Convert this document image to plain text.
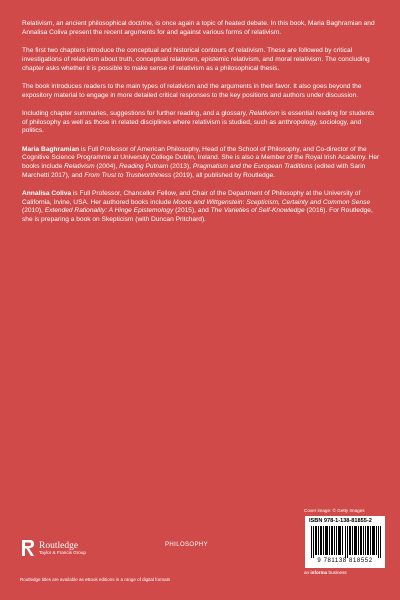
Relativism, an ancient philosophical doctrine, is once again a topic of heated debate. In this book, Maria Baghramian and Annalisa Coliva present the recent arguments for and against various forms of relativism.

The first two chapters introduce the conceptual and historical contours of relativism. These are followed by critical investigations of relativism about truth, conceptual relativism, epistemic relativism, and moral relativism. The concluding chapter asks whether it is possible to make sense of relativism as a philosophical thesis.

The book introduces readers to the main types of relativism and the arguments in their favor. It also goes beyond the expository material to engage in more detailed critical responses to the key positions and authors under discussion.

Including chapter summaries, suggestions for further reading, and a glossary, Relativism is essential reading for students of philosophy as well as those in related disciplines where relativism is studied, such as anthropology, sociology, and politics.

Maria Baghramian is Full Professor of American Philosophy, Head of the School of Philosophy, and Co-director of the Cognitive Science Programme at University College Dublin, Ireland. She is also a Member of the Royal Irish Academy. Her books include Relativism (2004), Reading Putnam (2013), Pragmatism and the European Traditions (edited with Sarin Marchetti 2017), and From Trust to Trustworthiness (2019), all published by Routledge.

Annalisa Coliva is Full Professor, Chancellor Fellow, and Chair of the Department of Philosophy at the University of California, Irvine, USA. Her authored books include Moore and Wittgenstein: Scepticism, Certainty and Common Sense (2010), Extended Rationality: A Hinge Epistemology (2015), and The Varieties of Self-Knowledge (2016). For Routledge, she is preparing a book on Skepticism (with Duncan Pritchard).

Cover image: © Getty Images
ISBN 978-1-138-81855-2
9 781138 818552
an informa business
Routledge
Taylor & Francis Group
PHILOSOPHY
Routledge titles are available as eBook editions in a range of digital formats
